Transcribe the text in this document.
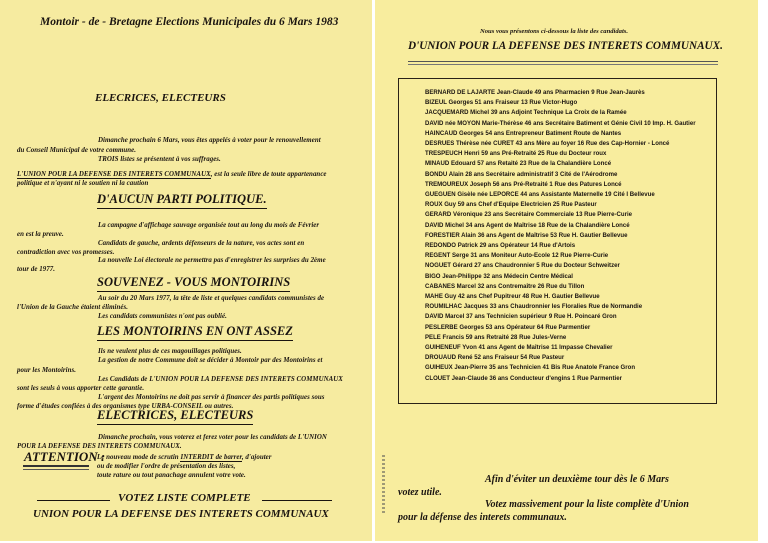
Montoir - de - Bretagne Elections Municipales du 6 Mars 1983
ELECRICES, ELECTEURS
Dimanche prochain 6 Mars, vous êtes appelés à voter pour le renouvellement
du Conseil Municipal de votre commune.
TROIS listes se présentent à vos suffrages.
L'UNION POUR LA DEFENSE DES INTERETS COMMUNAUX, est la seule libre de toute appartenance
politique et n'ayant ni le soutien ni la caution
D'AUCUN PARTI POLITIQUE.
La campagne d'affichage sauvage organisée tout au long du mois de Février
en est la preuve.
Candidats de gauche, ardents défenseurs de la nature, vos actes sont en
contradiction avec vos promesses.
La nouvelle Loi électorale ne permettra pas d'enregistrer les surprises du 2ème
tour de 1977.
SOUVENEZ - VOUS MONTOIRINS
Au soir du 20 Mars 1977, la tête de liste et quelques candidats communistes de
l'Union de la Gauche étaient éliminés.
Les candidats communistes n'ont pas oublié.
LES MONTOIRINS EN ONT ASSEZ
Ils ne veulent plus de ces magouillages politiques.
La gestion de notre Commune doit se décider à Montoir par des Montoirins et
pour les Montoirins.
Les Candidats de L'UNION POUR LA DEFENSE DES INTERETS COMMUNAUX
sont les seuls à vous apporter cette garantie.
L'argent des Montoirins ne doit pas servir à financer des partis politiques sous
forme d'études confiées à des organismes type URBA-CONSEIL ou autres.
ELECTRICES, ELECTEURS
Dimanche prochain, vous voterez et ferez voter pour les candidats de L'UNION
POUR LA DEFENSE DES INTERETS COMMUNAUX.
ATTENTION :
Le nouveau mode de scrutin INTERDIT de barrer, d'ajouter
ou de modifier l'ordre de présentation des listes,
toute rature ou tout panachage annulent votre vote.
VOTEZ LISTE COMPLETE
UNION POUR LA DEFENSE DES INTERETS COMMUNAUX
Nous vous présentons ci-dessous la liste des candidats.
D'UNION POUR LA DEFENSE DES INTERETS COMMUNAUX.
BERNARD DE LAJARTE Jean-Claude 49 ans Pharmacien 9 Rue Jean-Jaurès
BIZEUL Georges 51 ans Fraiseur 13 Rue Victor-Hugo
JACQUEMARD Michel 39 ans Adjoint Technique La Croix de la Ramée
DAVID née MOYON Marie-Thérèse 46 ans Secrétaire Batiment et Génie Civil 10 Imp. H. Gautier
HAINCAUD Georges 54 ans Entrepreneur Batiment Route de Nantes
DESRUES Thérèse née CURET 43 ans Mère au foyer 16 Rue des Cap-Hornier - Loncé
TRESPEUCH Henri 59 ans Pré-Retraité 25 Rue du Docteur roux
MINAUD Edouard 57 ans Retaité 23 Rue de la Chalandière Loncé
BONDU Alain 28 ans Secrétaire administratif 3 Cité de l'Aérodrome
TREMOUREUX Joseph 56 ans Pré-Retraité 1 Rue des Patures Loncé
GUEGUEN Gisèle née LEPORCE 44 ans Assistante Maternelle 19 Cité I Bellevue
ROUX Guy 59 ans Chef d'Equipe Electricien 25 Rue Pasteur
GERARD Véronique 23 ans Secrétaire Commerciale 13 Rue Pierre-Curie
DAVID Michel 34 ans Agent de Maîtrise 18 Rue de la Chalandière Loncé
FORESTIER Alain 36 ans Agent de Maîtrise 53 Rue H. Gautier Bellevue
REDONDO Patrick 29 ans Opérateur 14 Rue d'Artois
REGENT Serge 31 ans Moniteur Auto-Ecole 12 Rue Pierre-Curie
NOGUET Gérard 27 ans Chaudronnier 5 Rue du Docteur Schweitzer
BIGO Jean-Philippe 32 ans Médecin Centre Médical
CABANES Marcel 32 ans Contremaître 26 Rue du Tillon
MAHE Guy 42 ans Chef Pupitreur 48 Rue H. Gautier Bellevue
ROUMILHAC Jacques 33 ans Chaudronnier les Floralies Rue de Normandie
DAVID Marcel 37 ans Technicien supérieur 9 Rue H. Poincaré Gron
PESLERBE Georges 53 ans Opérateur 64 Rue Parmentier
PELE Francis 59 ans Retraité 28 Rue Jules-Verne
GUIHENEUF Yvon 41 ans Agent de Maîtrise 11 Impasse Chevalier
DROUAUD René 52 ans Fraiseur 54 Rue Pasteur
GUIHEUX Jean-Pierre 35 ans Technicien 41 Bis Rue Anatole France Gron
CLOUET Jean-Claude 36 ans Conducteur d'engins 1 Rue Parmentier
Afin d'éviter un deuxième tour dès le 6 Mars
votez utile.
Votez massivement pour la liste complète d'Union
pour la défense des interets communaux.
